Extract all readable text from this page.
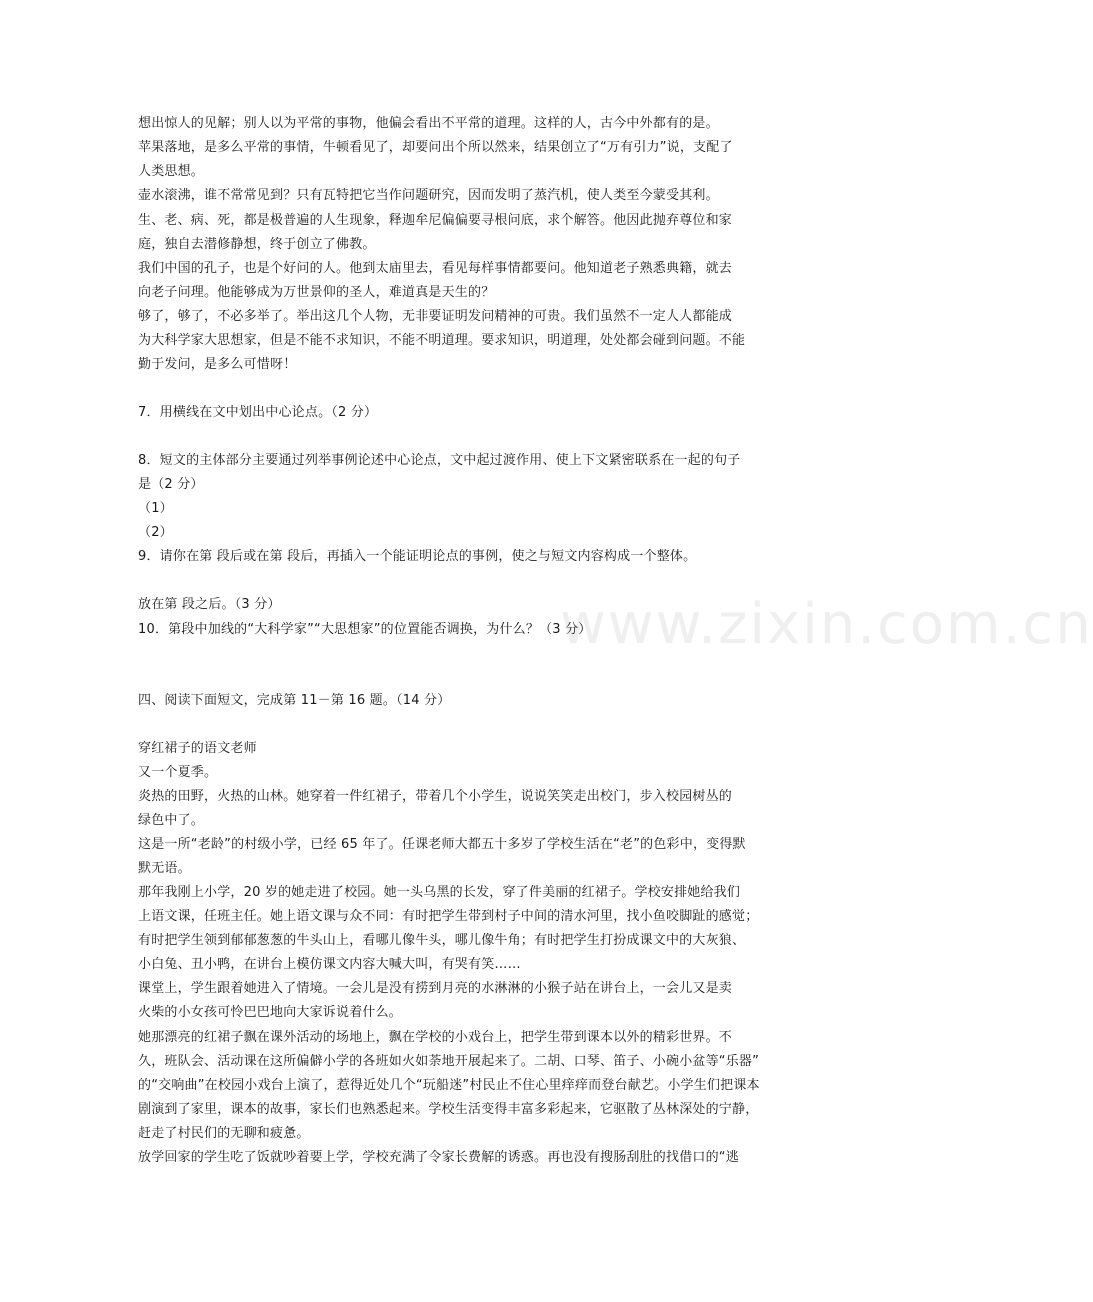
www.zixin.com.cn
想出惊人的见解；别人以为平常的事物，他偏会看出不平常的道理。这样的人，古今中外都有的是。
苹果落地，是多么平常的事情，牛顿看见了，却要问出个所以然来，结果创立了“万有引力”说，支配了
人类思想。
壶水滚沸，谁不常常见到？只有瓦特把它当作问题研究，因而发明了蒸汽机，使人类至今蒙受其利。
生、老、病、死，都是极普遍的人生现象，释迦牟尼偏偏要寻根问底，求个解答。他因此抛弃尊位和家
庭，独自去潜修静想，终于创立了佛教。
我们中国的孔子，也是个好问的人。他到太庙里去，看见每样事情都要问。他知道老子熟悉典籍，就去
向老子问理。他能够成为万世景仰的圣人，难道真是天生的？
够了，够了，不必多举了。举出这几个人物，无非要证明发问精神的可贵。我们虽然不一定人人都能成
为大科学家大思想家，但是不能不求知识，不能不明道理。要求知识，明道理，处处都会碰到问题。不能
勤于发问，是多么可惜呀！
7．用横线在文中划出中心论点。（2 分）
8．短文的主体部分主要通过列举事例论述中心论点，文中起过渡作用、使上下文紧密联系在一起的句子
是（2 分）
（1）
（2）
9．请你在第 段后或在第 段后，再插入一个能证明论点的事例，使之与短文内容构成一个整体。
放在第 段之后。（3 分）
10．第段中加线的“大科学家”“大思想家”的位置能否调换，为什么？（3 分）
四、阅读下面短文，完成第 11－第 16 题。（14 分）
穿红裙子的语文老师
又一个夏季。
炎热的田野，火热的山林。她穿着一件红裙子，带着几个小学生，说说笑笑走出校门，步入校园树丛的
绿色中了。
这是一所“老龄”的村级小学，已经 65 年了。任课老师大都五十多岁了学校生活在“老”的色彩中，变得默
默无语。
那年我刚上小学，20 岁的她走进了校园。她一头乌黑的长发，穿了件美丽的红裙子。学校安排她给我们
上语文课，任班主任。她上语文课与众不同：有时把学生带到村子中间的清水河里，找小鱼咬脚趾的感觉；
有时把学生领到郁郁葱葱的牛头山上，看哪儿像牛头，哪儿像牛角；有时把学生打扮成课文中的大灰狼、
小白兔、丑小鸭，在讲台上模仿课文内容大喊大叫，有哭有笑……
课堂上，学生跟着她进入了情境。一会儿是没有捞到月亮的水淋淋的小猴子站在讲台上，一会儿又是卖
火柴的小女孩可怜巴巴地向大家诉说着什么。
她那漂亮的红裙子飘在课外活动的场地上，飘在学校的小戏台上，把学生带到课本以外的精彩世界。不
久，班队会、活动课在这所偏僻小学的各班如火如荼地开展起来了。二胡、口琴、笛子、小碗小盆等“乐器”
的“交响曲”在校园小戏台上演了，惹得近处几个“玩船迷”村民止不住心里痒痒而登台献艺。小学生们把课本
剧演到了家里，课本的故事，家长们也熟悉起来。学校生活变得丰富多彩起来，它驱散了丛林深处的宁静，
赶走了村民们的无聊和疲惫。
放学回家的学生吃了饭就吵着要上学，学校充满了令家长费解的诱惑。再也没有搜肠刮肚的找借口的“逃
